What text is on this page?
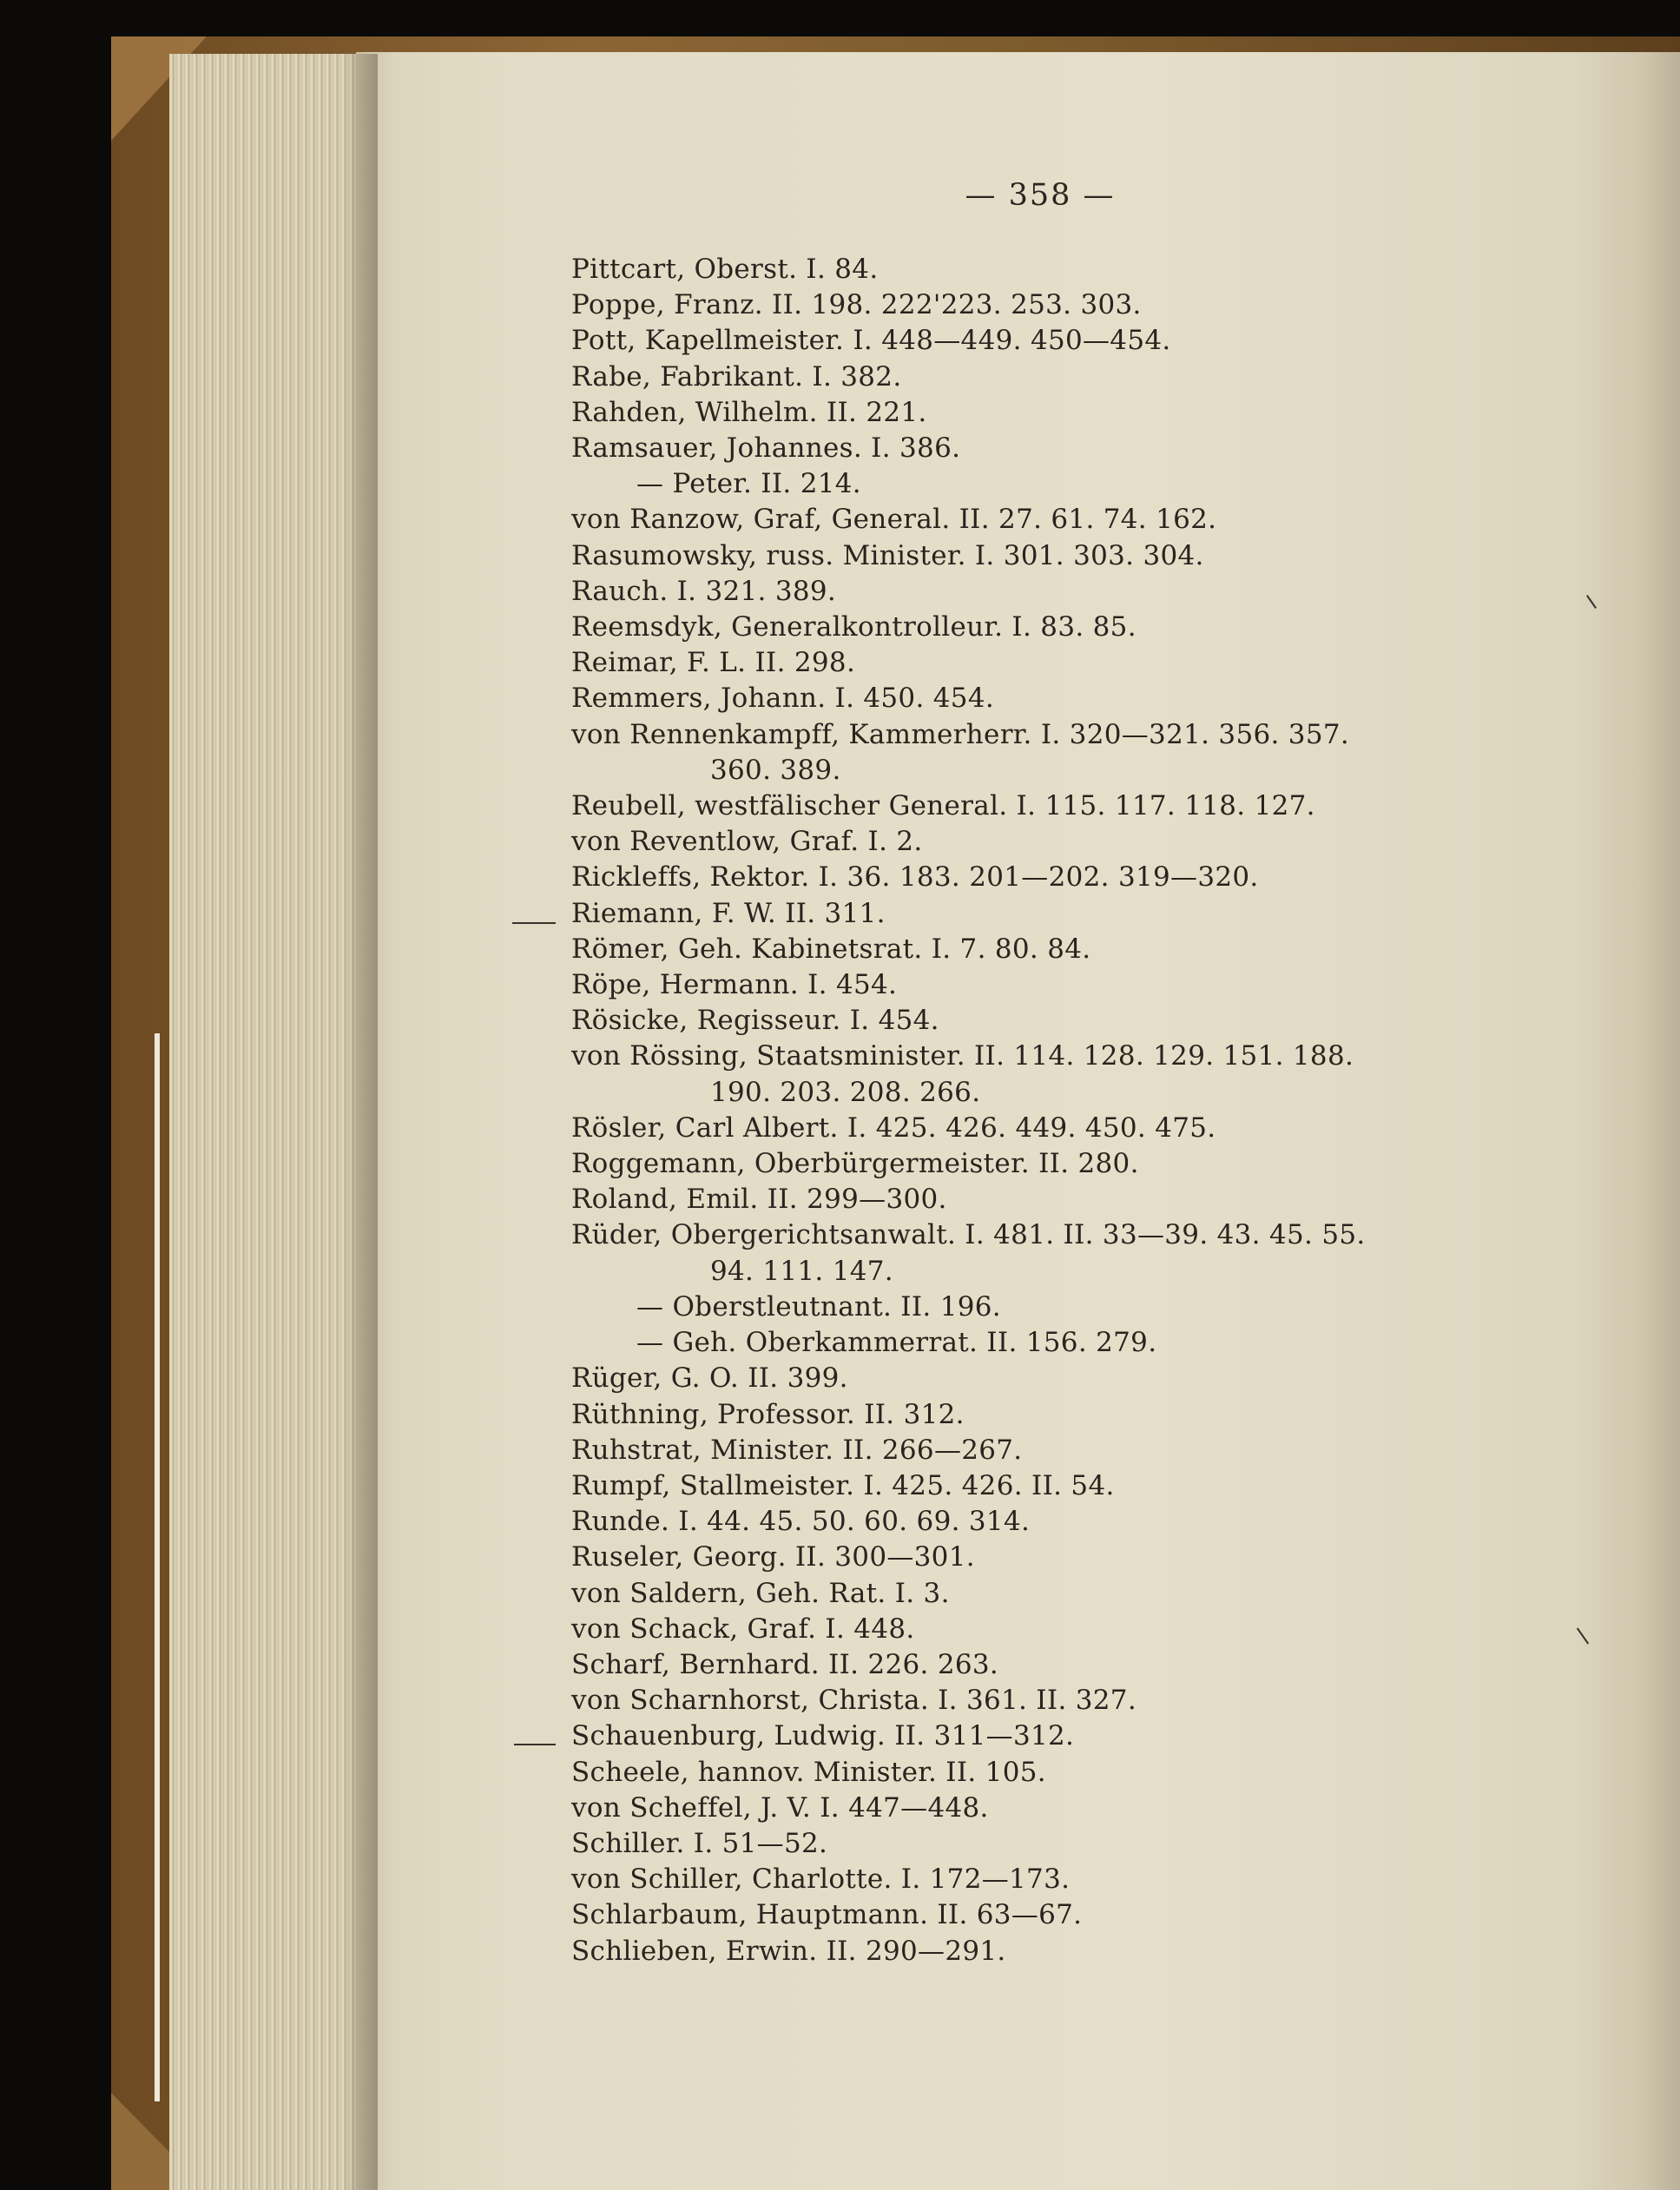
— 358 —
Pittcart, Oberst. I. 84.
Poppe, Franz. II. 198. 222'223. 253. 303.
Pott, Kapellmeister. I. 448—449. 450—454.
Rabe, Fabrikant. I. 382.
Rahden, Wilhelm. II. 221.
Ramsauer, Johannes. I. 386.
— Peter. II. 214.
von Ranzow, Graf, General. II. 27. 61. 74. 162.
Rasumowsky, russ. Minister. I. 301. 303. 304.
Rauch. I. 321. 389.
Reemsdyk, Generalkontrolleur. I. 83. 85.
Reimar, F. L. II. 298.
Remmers, Johann. I. 450. 454.
von Rennenkampff, Kammerherr. I. 320—321. 356. 357.
360. 389.
Reubell, westfälischer General. I. 115. 117. 118. 127.
von Reventlow, Graf. I. 2.
Rickleffs, Rektor. I. 36. 183. 201—202. 319—320.
Riemann, F. W. II. 311.
Römer, Geh. Kabinetsrat. I. 7. 80. 84.
Röpe, Hermann. I. 454.
Rösicke, Regisseur. I. 454.
von Rössing, Staatsminister. II. 114. 128. 129. 151. 188.
190. 203. 208. 266.
Rösler, Carl Albert. I. 425. 426. 449. 450. 475.
Roggemann, Oberbürgermeister. II. 280.
Roland, Emil. II. 299—300.
Rüder, Obergerichtsanwalt. I. 481. II. 33—39. 43. 45. 55.
94. 111. 147.
— Oberstleutnant. II. 196.
— Geh. Oberkammerrat. II. 156. 279.
Rüger, G. O. II. 399.
Rüthning, Professor. II. 312.
Ruhstrat, Minister. II. 266—267.
Rumpf, Stallmeister. I. 425. 426. II. 54.
Runde. I. 44. 45. 50. 60. 69. 314.
Ruseler, Georg. II. 300—301.
von Saldern, Geh. Rat. I. 3.
von Schack, Graf. I. 448.
Scharf, Bernhard. II. 226. 263.
von Scharnhorst, Christa. I. 361. II. 327.
Schauenburg, Ludwig. II. 311—312.
Scheele, hannov. Minister. II. 105.
von Scheffel, J. V. I. 447—448.
Schiller. I. 51—52.
von Schiller, Charlotte. I. 172—173.
Schlarbaum, Hauptmann. II. 63—67.
Schlieben, Erwin. II. 290—291.
